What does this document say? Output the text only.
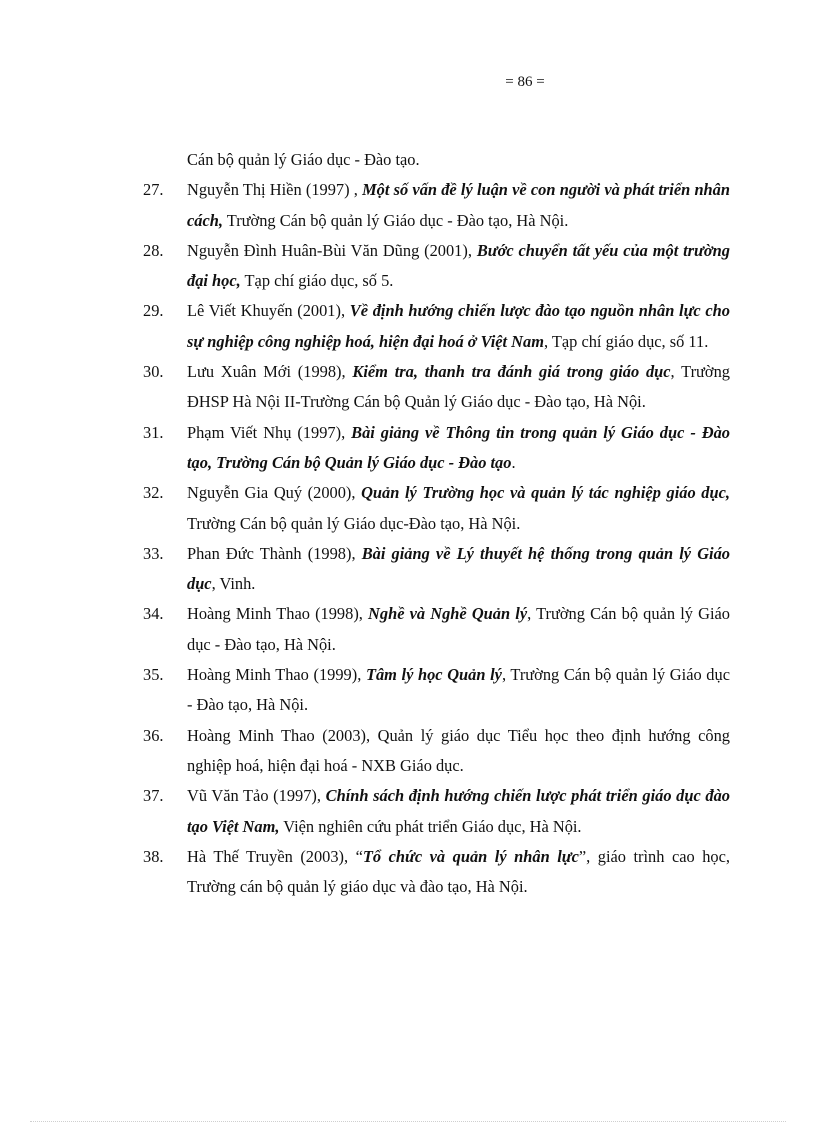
= 86 =
Cán bộ quản lý Giáo dục - Đào tạo.
27. Nguyễn Thị Hiền (1997) , Một số vấn đề lý luận về con người và phát triển nhân cách, Trường Cán bộ quản lý Giáo dục - Đào tạo, Hà Nội.
28. Nguyễn Đình Huân-Bùi Văn Dũng (2001), Bước chuyển tất yếu của một trường đại học, Tạp chí giáo dục, số 5.
29. Lê Viết Khuyến (2001), Về định hướng chiến lược đào tạo nguồn nhân lực cho sự nghiệp công nghiệp hoá, hiện đại hoá ở Việt Nam, Tạp chí giáo dục, số 11.
30. Lưu Xuân Mới (1998), Kiểm tra, thanh tra đánh giá trong giáo dục, Trường ĐHSP Hà Nội II-Trường Cán bộ Quản lý Giáo dục - Đào tạo, Hà Nội.
31. Phạm Viết Nhụ (1997), Bài giảng về Thông tin trong quản lý Giáo dục - Đào tạo, Trường Cán bộ Quản lý Giáo dục - Đào tạo.
32. Nguyễn Gia Quý (2000), Quản lý Trường học và quản lý tác nghiệp giáo dục, Trường Cán bộ quản lý Giáo dục-Đào tạo, Hà Nội.
33. Phan Đức Thành (1998), Bài giảng về Lý thuyết hệ thống trong quản lý Giáo dục, Vinh.
34. Hoàng Minh Thao (1998), Nghề và Nghề Quản lý, Trường Cán bộ quản lý Giáo dục - Đào tạo, Hà Nội.
35. Hoàng Minh Thao (1999), Tâm lý học Quản lý, Trường Cán bộ quản lý Giáo dục - Đào tạo, Hà Nội.
36. Hoàng Minh Thao (2003), Quản lý giáo dục Tiểu học theo định hướng công nghiệp hoá, hiện đại hoá - NXB Giáo dục.
37. Vũ Văn Tảo (1997), Chính sách định hướng chiến lược phát triển giáo dục đào tạo Việt Nam, Viện nghiên cứu phát triển Giáo dục, Hà Nội.
38. Hà Thế Truyền (2003), “Tổ chức và quản lý nhân lực”, giáo trình cao học, Trường cán bộ quản lý giáo dục và đào tạo, Hà Nội.
